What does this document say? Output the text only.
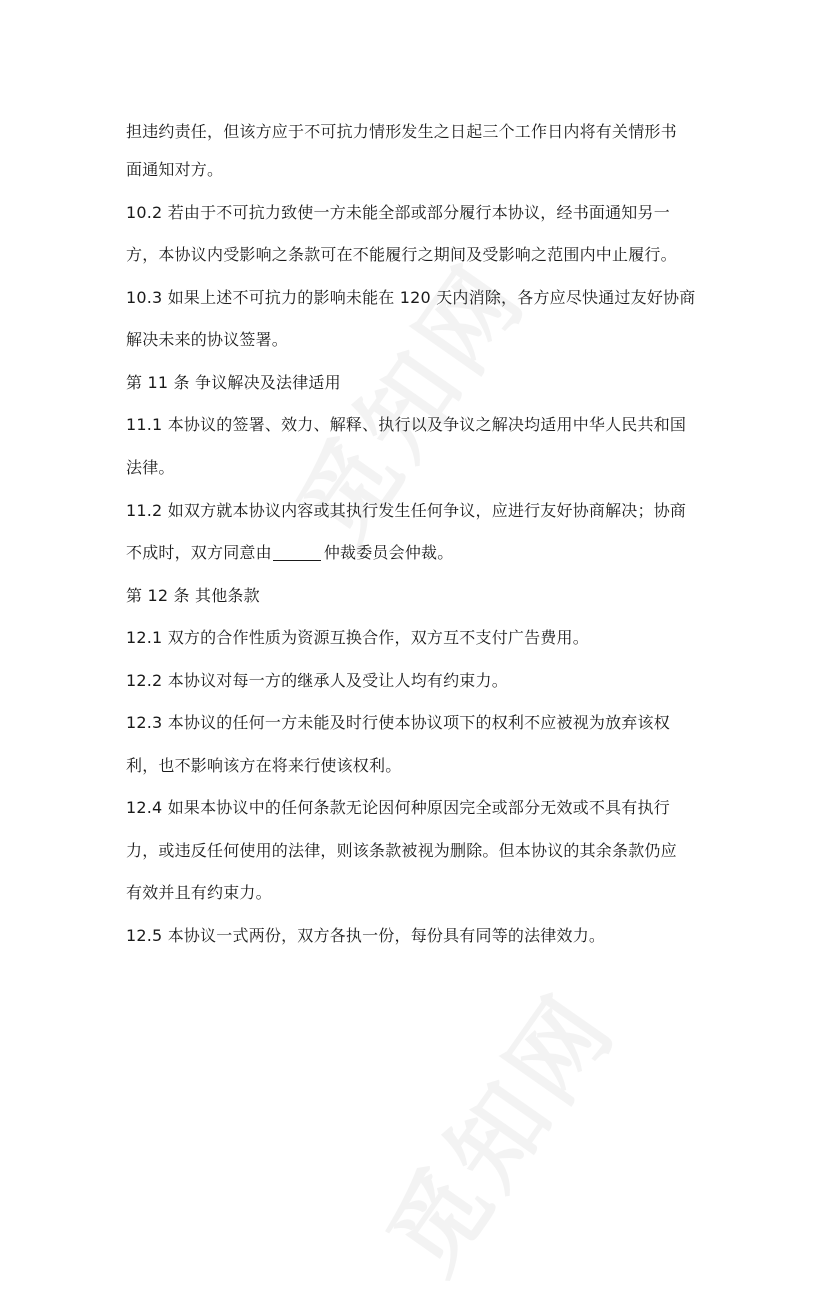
担违约责任，但该方应于不可抗力情形发生之日起三个工作日内将有关情形书
面通知对方。
10.2 若由于不可抗力致使一方未能全部或部分履行本协议，经书面通知另一
方，本协议内受影响之条款可在不能履行之期间及受影响之范围内中止履行。
10.3 如果上述不可抗力的影响未能在 120 天内消除，各方应尽快通过友好协商
解决未来的协议签署。
第 11 条 争议解决及法律适用
11.1 本协议的签署、效力、解释、执行以及争议之解决均适用中华人民共和国
法律。
11.2 如双方就本协议内容或其执行发生任何争议，应进行友好协商解决；协商
不成时，双方同意由	仲裁委员会仲裁。
第 12 条 其他条款
12.1 双方的合作性质为资源互换合作，双方互不支付广告费用。
12.2 本协议对每一方的继承人及受让人均有约束力。
12.3 本协议的任何一方未能及时行使本协议项下的权利不应被视为放弃该权
利，也不影响该方在将来行使该权利。
12.4 如果本协议中的任何条款无论因何种原因完全或部分无效或不具有执行
力，或违反任何使用的法律，则该条款被视为删除。但本协议的其余条款仍应
有效并且有约束力。
12.5 本协议一式两份，双方各执一份，每份具有同等的法律效力。
